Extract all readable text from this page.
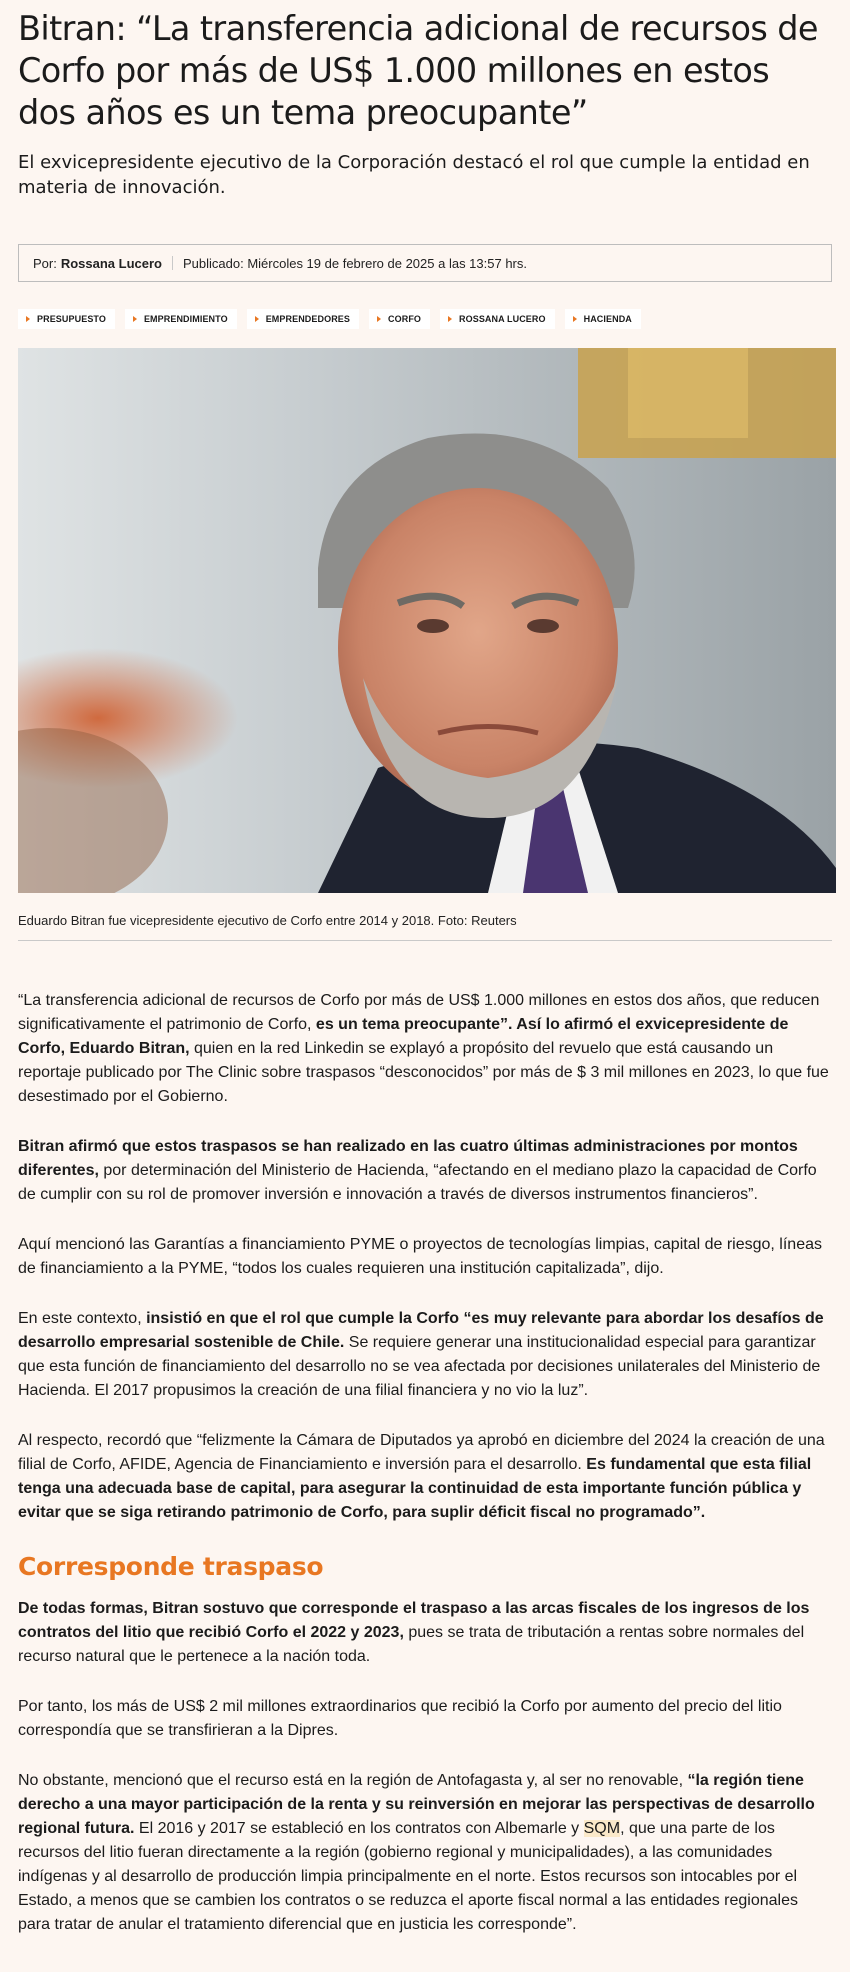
Bitran: “La transferencia adicional de recursos de Corfo por más de US$ 1.000 millones en estos dos años es un tema preocupante”

El exvicepresidente ejecutivo de la Corporación destacó el rol que cumple la entidad en materia de innovación.

Por: Rossana Lucero Publicado: Miércoles 19 de febrero de 2025 a las 13:57 hrs.
PRESUPUESTO	EMPRENDIMIENTO	EMPRENDEDORES	CORFO	ROSSANA LUCERO	HACIENDA
Eduardo Bitran fue vicepresidente ejecutivo de Corfo entre 2014 y 2018. Foto: Reuters

“La transferencia adicional de recursos de Corfo por más de US$ 1.000 millones en estos dos años, que reducen significativamente el patrimonio de Corfo, es un tema preocupante”. Así lo afirmó el exvicepresidente de Corfo, Eduardo Bitran, quien en la red Linkedin se explayó a propósito del revuelo que está causando un reportaje publicado por The Clinic sobre traspasos “desconocidos” por más de $ 3 mil millones en 2023, lo que fue desestimado por el Gobierno.

Bitran afirmó que estos traspasos se han realizado en las cuatro últimas administraciones por montos diferentes, por determinación del Ministerio de Hacienda, “afectando en el mediano plazo la capacidad de Corfo de cumplir con su rol de promover inversión e innovación a través de diversos instrumentos financieros”.

Aquí mencionó las Garantías a financiamiento PYME o proyectos de tecnologías limpias, capital de riesgo, líneas de financiamiento a la PYME, “todos los cuales requieren una institución capitalizada”, dijo.

En este contexto, insistió en que el rol que cumple la Corfo “es muy relevante para abordar los desafíos de desarrollo empresarial sostenible de Chile. Se requiere generar una institucionalidad especial para garantizar que esta función de financiamiento del desarrollo no se vea afectada por decisiones unilaterales del Ministerio de Hacienda. El 2017 propusimos la creación de una filial financiera y no vio la luz”.

Al respecto, recordó que “felizmente la Cámara de Diputados ya aprobó en diciembre del 2024 la creación de una filial de Corfo, AFIDE, Agencia de Financiamiento e inversión para el desarrollo. Es fundamental que esta filial tenga una adecuada base de capital, para asegurar la continuidad de esta importante función pública y evitar que se siga retirando patrimonio de Corfo, para suplir déficit fiscal no programado”.

Corresponde traspaso

De todas formas, Bitran sostuvo que corresponde el traspaso a las arcas fiscales de los ingresos de los contratos del litio que recibió Corfo el 2022 y 2023, pues se trata de tributación a rentas sobre normales del recurso natural que le pertenece a la nación toda.

Por tanto, los más de US$ 2 mil millones extraordinarios que recibió la Corfo por aumento del precio del litio correspondía que se transfirieran a la Dipres.

No obstante, mencionó que el recurso está en la región de Antofagasta y, al ser no renovable, “la región tiene derecho a una mayor participación de la renta y su reinversión en mejorar las perspectivas de desarrollo regional futura. El 2016 y 2017 se estableció en los contratos con Albemarle y SQM, que una parte de los recursos del litio fueran directamente a la región (gobierno regional y municipalidades), a las comunidades indígenas y al desarrollo de producción limpia principalmente en el norte. Estos recursos son intocables por el Estado, a menos que se cambien los contratos o se reduzca el aporte fiscal normal a las entidades regionales para tratar de anular el tratamiento diferencial que en justicia les corresponde”.
